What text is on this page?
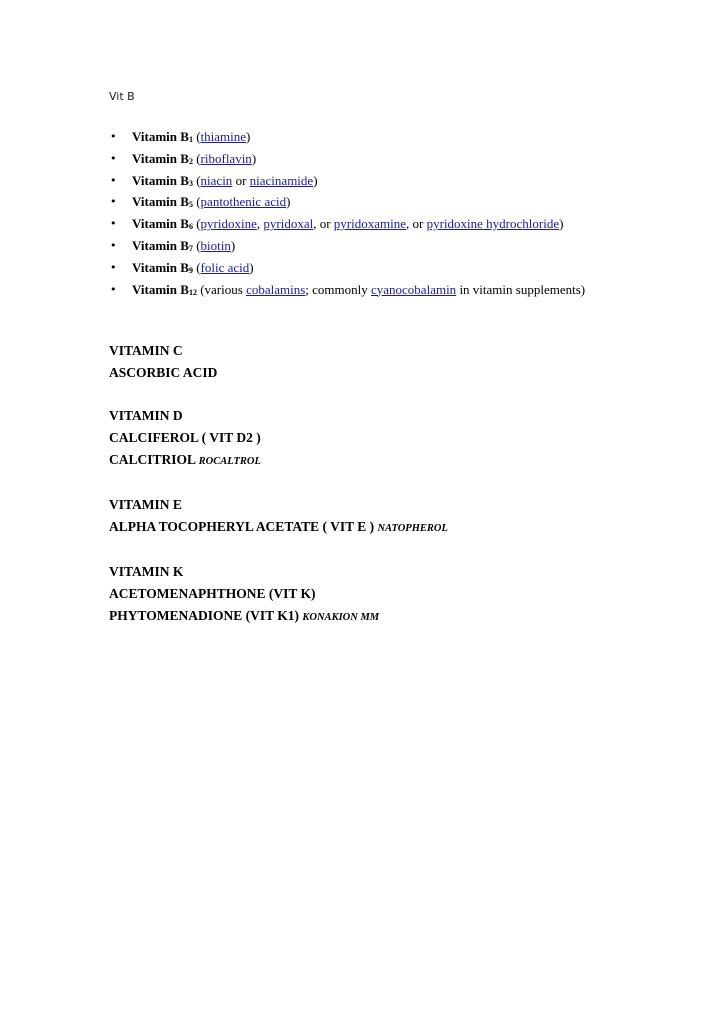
Vit B
• Vitamin $B_1$ (thiamine)
• Vitamin $B_2$ (riboflavin)
• Vitamin $B_3$ (niacin or niacinamide)
• Vitamin $B_5$ (pantothenic acid)
• Vitamin $B_6$ (pyridoxine, pyridoxal, or pyridoxamine, or pyridoxine hydrochloride)
• Vitamin $B_7$ (biotin)
• Vitamin $B_9$ (folic acid)
• Vitamin $B_{12}$ (various cobalamins; commonly cyanocobalamin in vitamin supplements)
VITAMIN C
ASCORBIC ACID
VITAMIN D
CALCIFEROL ( VIT D2 )
CALCITRIOL ROCALTROL
VITAMIN E
ALPHA TOCOPHERYL ACETATE ( VIT E ) NATOPHEROL
VITAMIN K
ACETOMENAPHTHONE (VIT K)
PHYTOMENADIONE (VIT K1) KONAKION MM
